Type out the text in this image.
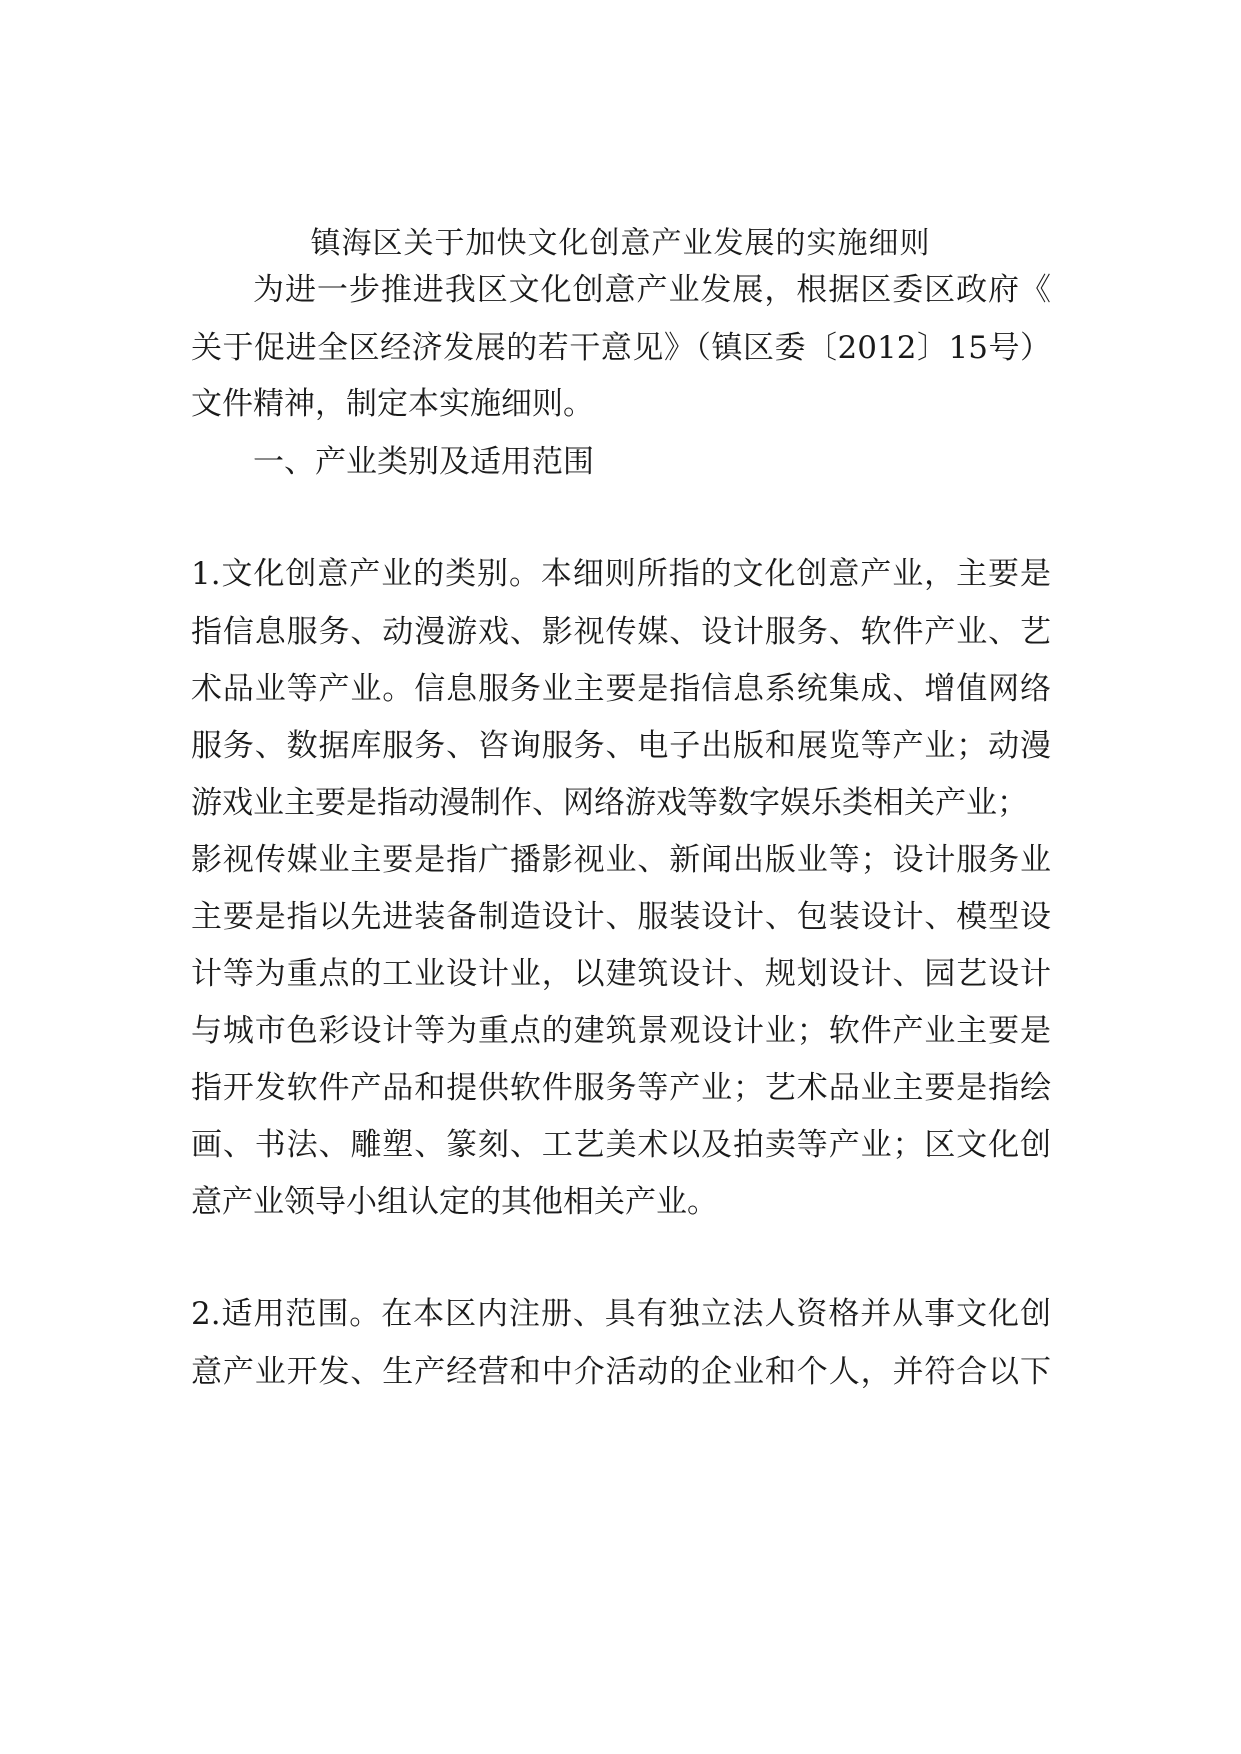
镇海区关于加快文化创意产业发展的实施细则
为进一步推进我区文化创意产业发展，根据区委区政府《
关于促进全区经济发展的若干意见》（镇区委〔2012〕15号）
文件精神，制定本实施细则。
一、产业类别及适用范围
1.文化创意产业的类别。本细则所指的文化创意产业，主要是
指信息服务、动漫游戏、影视传媒、设计服务、软件产业、艺
术品业等产业。信息服务业主要是指信息系统集成、增值网络
服务、数据库服务、咨询服务、电子出版和展览等产业；动漫
游戏业主要是指动漫制作、网络游戏等数字娱乐类相关产业；
影视传媒业主要是指广播影视业、新闻出版业等；设计服务业
主要是指以先进装备制造设计、服装设计、包装设计、模型设
计等为重点的工业设计业，以建筑设计、规划设计、园艺设计
与城市色彩设计等为重点的建筑景观设计业；软件产业主要是
指开发软件产品和提供软件服务等产业；艺术品业主要是指绘
画、书法、雕塑、篆刻、工艺美术以及拍卖等产业；区文化创
意产业领导小组认定的其他相关产业。
2.适用范围。在本区内注册、具有独立法人资格并从事文化创
意产业开发、生产经营和中介活动的企业和个人，并符合以下
